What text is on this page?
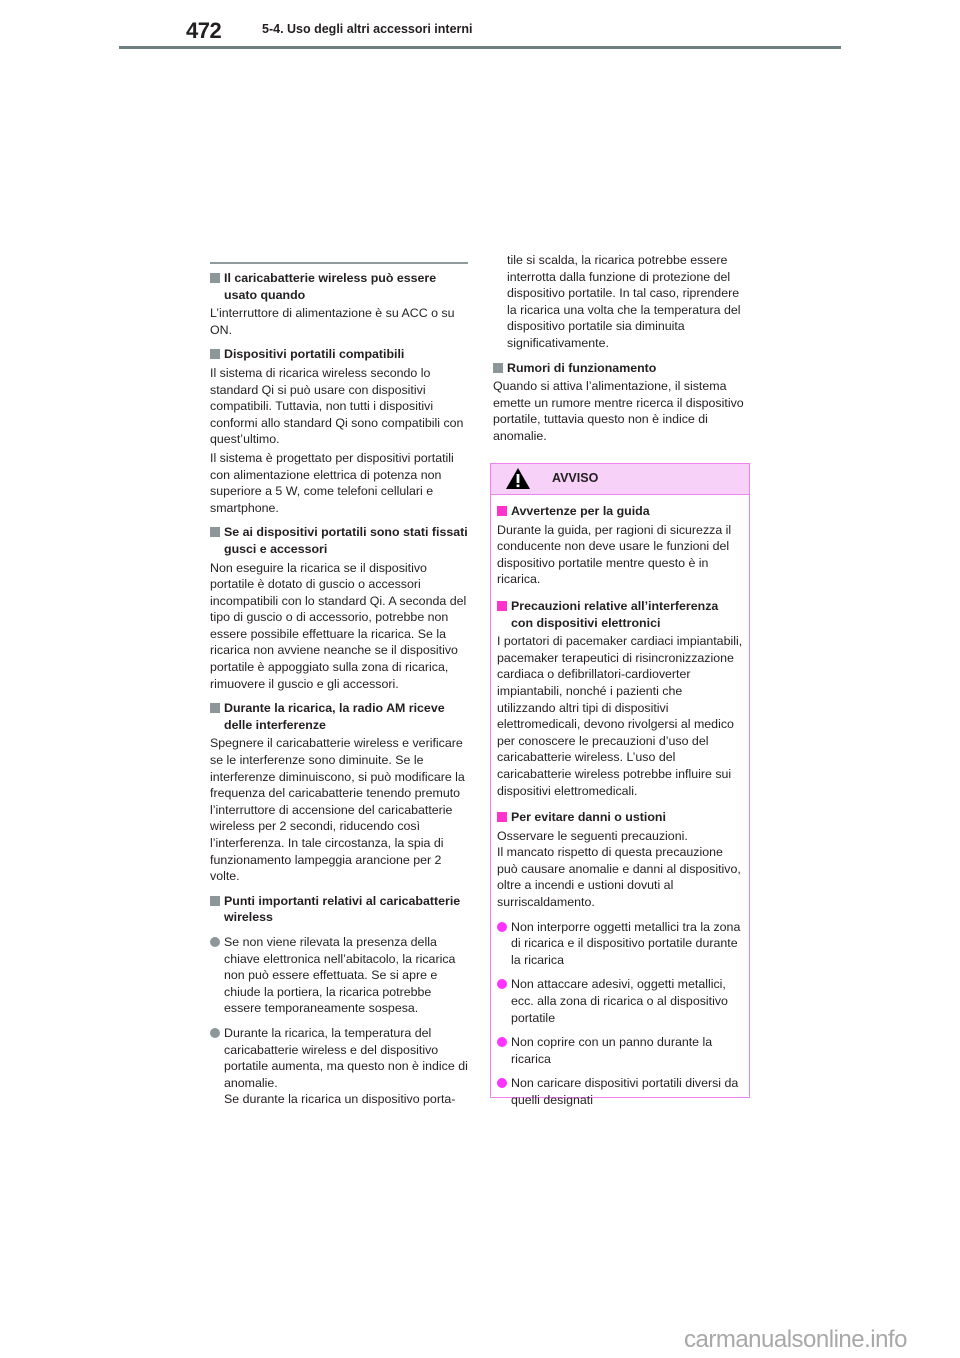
472	5-4. Uso degli altri accessori interni
Il caricabatterie wireless può essere usato quando

L’interruttore di alimentazione è su ACC o su ON.

Dispositivi portatili compatibili

Il sistema di ricarica wireless secondo lo standard Qi si può usare con dispositivi compatibili. Tuttavia, non tutti i dispositivi conformi allo standard Qi sono compatibili con quest’ultimo.

Il sistema è progettato per dispositivi portatili con alimentazione elettrica di potenza non superiore a 5 W, come telefoni cellulari e smartphone.

Se ai dispositivi portatili sono stati fissati gusci e accessori

Non eseguire la ricarica se il dispositivo portatile è dotato di guscio o accessori incompatibili con lo standard Qi. A seconda del tipo di guscio o di accessorio, potrebbe non essere possibile effettuare la ricarica. Se la ricarica non avviene neanche se il dispositivo portatile è appoggiato sulla zona di ricarica, rimuovere il guscio e gli accessori.

Durante la ricarica, la radio AM riceve delle interferenze

Spegnere il caricabatterie wireless e verificare se le interferenze sono diminuite. Se le interferenze diminuiscono, si può modificare la frequenza del caricabatterie tenendo premuto l’interruttore di accensione del caricabatterie wireless per 2 secondi, riducendo così l’interferenza. In tale circostanza, la spia di funzionamento lampeggia arancione per 2 volte.

Punti importanti relativi al caricabatterie wireless
Se non viene rilevata la presenza della chiave elettronica nell’abitacolo, la ricarica non può essere effettuata. Se si apre e chiude la portiera, la ricarica potrebbe essere temporaneamente sospesa.
Durante la ricarica, la temperatura del caricabatterie wireless e del dispositivo portatile aumenta, ma questo non è indice di anomalie.
Se durante la ricarica un dispositivo porta-
tile si scalda, la ricarica potrebbe essere interrotta dalla funzione di protezione del dispositivo portatile. In tal caso, riprendere la ricarica una volta che la temperatura del dispositivo portatile sia diminuita significativamente.
Rumori di funzionamento

Quando si attiva l’alimentazione, il sistema emette un rumore mentre ricerca il dispositivo portatile, tuttavia questo non è indice di anomalie.

AVVISO
Avvertenze per la guida

Durante la guida, per ragioni di sicurezza il conducente non deve usare le funzioni del dispositivo portatile mentre questo è in ricarica.

Precauzioni relative all’interferenza con dispositivi elettronici

I portatori di pacemaker cardiaci impiantabili, pacemaker terapeutici di risincronizzazione cardiaca o defibrillatori-cardioverter impiantabili, nonché i pazienti che utilizzando altri tipi di dispositivi elettromedicali, devono rivolgersi al medico per conoscere le precauzioni d’uso del caricabatterie wireless. L’uso del caricabatterie wireless potrebbe influire sui dispositivi elettromedicali.

Per evitare danni o ustioni

Osservare le seguenti precauzioni.

Il mancato rispetto di questa precauzione può causare anomalie e danni al dispositivo, oltre a incendi e ustioni dovuti al surriscaldamento.

Non interporre oggetti metallici tra la zona di ricarica e il dispositivo portatile durante la ricarica
Non attaccare adesivi, oggetti metallici, ecc. alla zona di ricarica o al dispositivo portatile
Non coprire con un panno durante la ricarica
Non caricare dispositivi portatili diversi da quelli designati
carmanualsonline.info
